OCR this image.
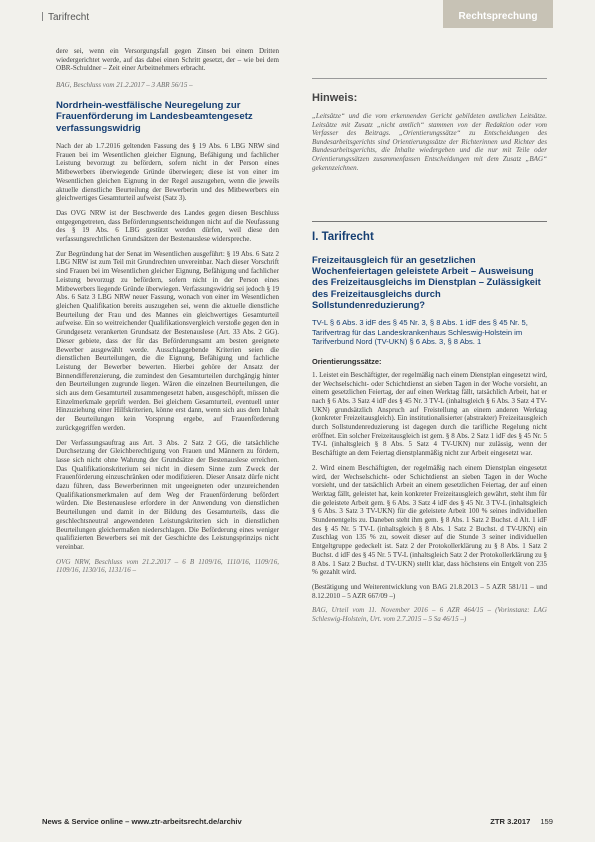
Tarifrecht	Rechtsprechung

dere sei, wenn ein Versorgungsfall gegen Zinsen bei einem Dritten wiedergerichtet werde, auf das dabei einen Schritt gesetzt, der – wie bei dem OBR-Schuldner – Zeit einer Arbeitnehmers erbracht.

BAG, Beschluss vom 21.2.2017 – 3 ABR 56/15 –

Nordrhein-westfälische Neuregelung zur Frauenförderung im Landesbeamtengesetz verfassungswidrig

Nach der ab 1.7.2016 geltenden Fassung des § 19 Abs. 6 LBG NRW sind Frauen bei im Wesentlichen gleicher Eignung, Befähigung und fachlicher Leistung bevorzugt zu befördern, sofern nicht in der Person eines Mitbewerbers überwiegende Gründe überwiegen; diese ist von einer im Wesentlichen gleichen Eignung in der Regel auszugehen, wenn die jeweils aktuelle dienstliche Beurteilung der Bewerberin und des Mitbewerbers ein gleichwertiges Gesamturteil aufweist (Satz 3).

Das OVG NRW ist der Beschwerde des Landes gegen diesen Beschluss entgegengetreten, dass Beförderungsentscheidungen nicht auf die Neufassung des § 19 Abs. 6 LBG gestützt werden dürfen, weil diese den verfassungsrechtlichen Grundsätzen der Bestenauslese widerspreche.

Zur Begründung hat der Senat im Wesentlichen ausgeführt: § 19 Abs. 6 Satz 2 LBG NRW ist zum Teil mit Grundrechten unvereinbar. Nach dieser Vorschrift sind Frauen bei im Wesentlichen gleicher Eignung, Befähigung und fachlicher Leistung bevorzugt zu befördern, sofern nicht in der Person eines Mitbewerbers liegende Gründe überwiegen. Verfassungswidrig sei jedoch § 19 Abs. 6 Satz 3 LBG NRW neuer Fassung, wonach von einer im Wesentlichen gleichen Qualifikation bereits auszugehen sei, wenn die aktuelle dienstliche Beurteilung der Frau und des Mannes ein gleichwertiges Gesamturteil aufweise. Ein so weitreichender Qualifikationsvergleich verstoße gegen den in Grundgesetz verankerten Grundsatz der Bestenauslese (Art. 33 Abs. 2 GG). Dieser gebiete, dass der für das Beförderungsamt am besten geeignete Bewerber ausgewählt werde. Ausschlaggebende Kriterien seien die dienstlichen Beurteilungen, die die Eignung, Befähigung und fachliche Leistung der Bewerber bewerten. Hierbei gehöre der Ansatz der Binnendifferenzierung, die zumindest den Gesamturteilen durchgängig hinter den Beurteilungen zugrunde liegen. Wären die einzelnen Beurteilungen, die sich aus dem Gesamturteil zusammengesetzt haben, ausgeschöpft, müssen die Einzelmerkmale geprüft werden. Bei gleichem Gesamturteil, eventuell unter Hinzuziehung einer Hilfskriterien, könne erst dann, wenn sich aus dem Inhalt der Beurteilungen kein Vorsprung ergebe, auf Frauenförderung zurückgegriffen werden.

Der Verfassungsauftrag aus Art. 3 Abs. 2 Satz 2 GG, die tatsächliche Durchsetzung der Gleichberechtigung von Frauen und Männern zu fördern, lasse sich nicht ohne Wahrung der Grundsätze der Bestenauslese erreichen. Das Qualifikationskriterium sei nicht in diesem Sinne zum Zweck der Frauenförderung einzuschränken oder modifizieren. Dieser Ansatz dürfe nicht dazu führen, dass Bewerberinnen mit ungeeigneten oder unzureichenden Qualifikationsmerkmalen auf dem Weg der Frauenförderung befördert würden. Die Bestenauslese erfordere in der Anwendung von dienstlichen Beurteilungen und damit in der Bildung des Gesamturteils, dass die geschlechtsneutral angewendeten Leistungskriterien sich in dienstlichen Beurteilungen gleichermaßen niederschlagen. Die Beförderung eines weniger qualifizierten Bewerbers sei mit der Geschichte des Leistungsprinzips nicht vereinbar.

OVG NRW, Beschluss vom 21.2.2017 – 6 B 1109/16, 1110/16, 1109/16, 1109/16, 1130/16, 1131/16 –

Hinweis:

„Leitsätze“ und die vom erkennenden Gericht gebildeten amtlichen Leitsätze. Leitsätze mit Zusatz „nicht amtlich“ stammen von der Redaktion oder vom Verfasser des Beitrags. „Orientierungssätze“ zu Entscheidungen des Bundesarbeitsgerichts sind Orientierungssätze der Richterinnen und Richter des Bundesarbeitsgerichts, die Inhalte wiedergeben und die nur mit Teile oder Orientierungssätzen zusammenfassen Entscheidungen mit dem Zusatz „BAG“ gekennzeichnen.

I. Tarifrecht
Freizeitausgleich für an gesetzlichen Wochenfeiertagen geleistete Arbeit – Ausweisung des Freizeitausgleichs im Dienstplan – Zulässigkeit des Freizeitausgleichs durch Sollstundenreduzierung?
TV-L § 6 Abs. 3 idF des § 45 Nr. 3, § 8 Abs. 1 idF des § 45 Nr. 5, Tarifvertrag für das Landeskrankenhaus Schleswig-Holstein im Tarifverbund Nord (TV-UKN) § 6 Abs. 3, § 8 Abs. 1
Orientierungssätze:

1. Leistet ein Beschäftigter, der regelmäßig nach einem Dienstplan eingesetzt wird, der Wechselschicht- oder Schichtdienst an sieben Tagen in der Woche vorsieht, an einem gesetzlichen Feiertag, der auf einen Werktag fällt, tatsächlich Arbeit, hat er nach § 6 Abs. 3 Satz 4 idF des § 45 Nr. 3 TV-L (inhaltsgleich § 6 Abs. 3 Satz 4 TV-UKN) grundsätzlich Anspruch auf Freistellung an einem anderen Werktag (konkreter Freizeitausgleich). Ein institutionalisierter (abstrakter) Freizeitausgleich durch Sollstundenreduzierung ist dagegen durch die tarifliche Regelung nicht eröffnet. Ein solcher Freizeitausgleich ist gem. § 8 Abs. 2 Satz 1 idF des § 45 Nr. 5 TV-L (inhaltsgleich § 8 Abs. 5 Satz 4 TV-UKN) nur zulässig, wenn der Beschäftigte an dem Feiertag dienstplanmäßig nicht zur Arbeit eingesetzt war.

2. Wird einem Beschäftigten, der regelmäßig nach einem Dienstplan eingesetzt wird, der Wechselschicht- oder Schichtdienst an sieben Tagen in der Woche vorsieht, und der tatsächlich Arbeit an einem gesetzlichen Feiertag, der auf einen Werktag fällt, geleistet hat, kein konkreter Freizeitausgleich gewährt, steht ihm für die geleistete Arbeit gem. § 6 Abs. 3 Satz 4 idF des § 45 Nr. 3 TV-L (inhaltsgleich § 6 Abs. 3 Satz 3 TV-UKN) für die geleistete Arbeit 100 % seines individuellen Stundenentgelts zu. Daneben steht ihm gem. § 8 Abs. 1 Satz 2 Buchst. d Alt. 1 idF des § 45 Nr. 5 TV-L (inhaltsgleich § 8 Abs. 1 Satz 2 Buchst. d TV-UKN) ein Zuschlag von 135 % zu, soweit dieser auf die Stunde 3 seiner individuellen Entgeltgruppe gedeckelt ist. Satz 2 der Protokollerklärung zu § 8 Abs. 1 Satz 2 Buchst. d idF des § 45 Nr. 5 TV-L (inhaltsgleich Satz 2 der Protokollerklärung zu § 8 Abs. 1 Satz 2 Buchst. d TV-UKN) stellt klar, dass höchstens ein Entgelt von 235 % gezahlt wird.

(Bestätigung und Weiterentwicklung von BAG 21.8.2013 – 5 AZR 581/11 – und 8.12.2010 – 5 AZR 667/09 –)

BAG, Urteil vom 11. November 2016 – 6 AZR 464/15 – (Vorinstanz: LAG Schleswig-Holstein, Urt. vom 2.7.2015 – 5 Sa 46/15 –)

News & Service online – www.ztr-arbeitsrecht.de/archiv	ZTR 3.2017 159
